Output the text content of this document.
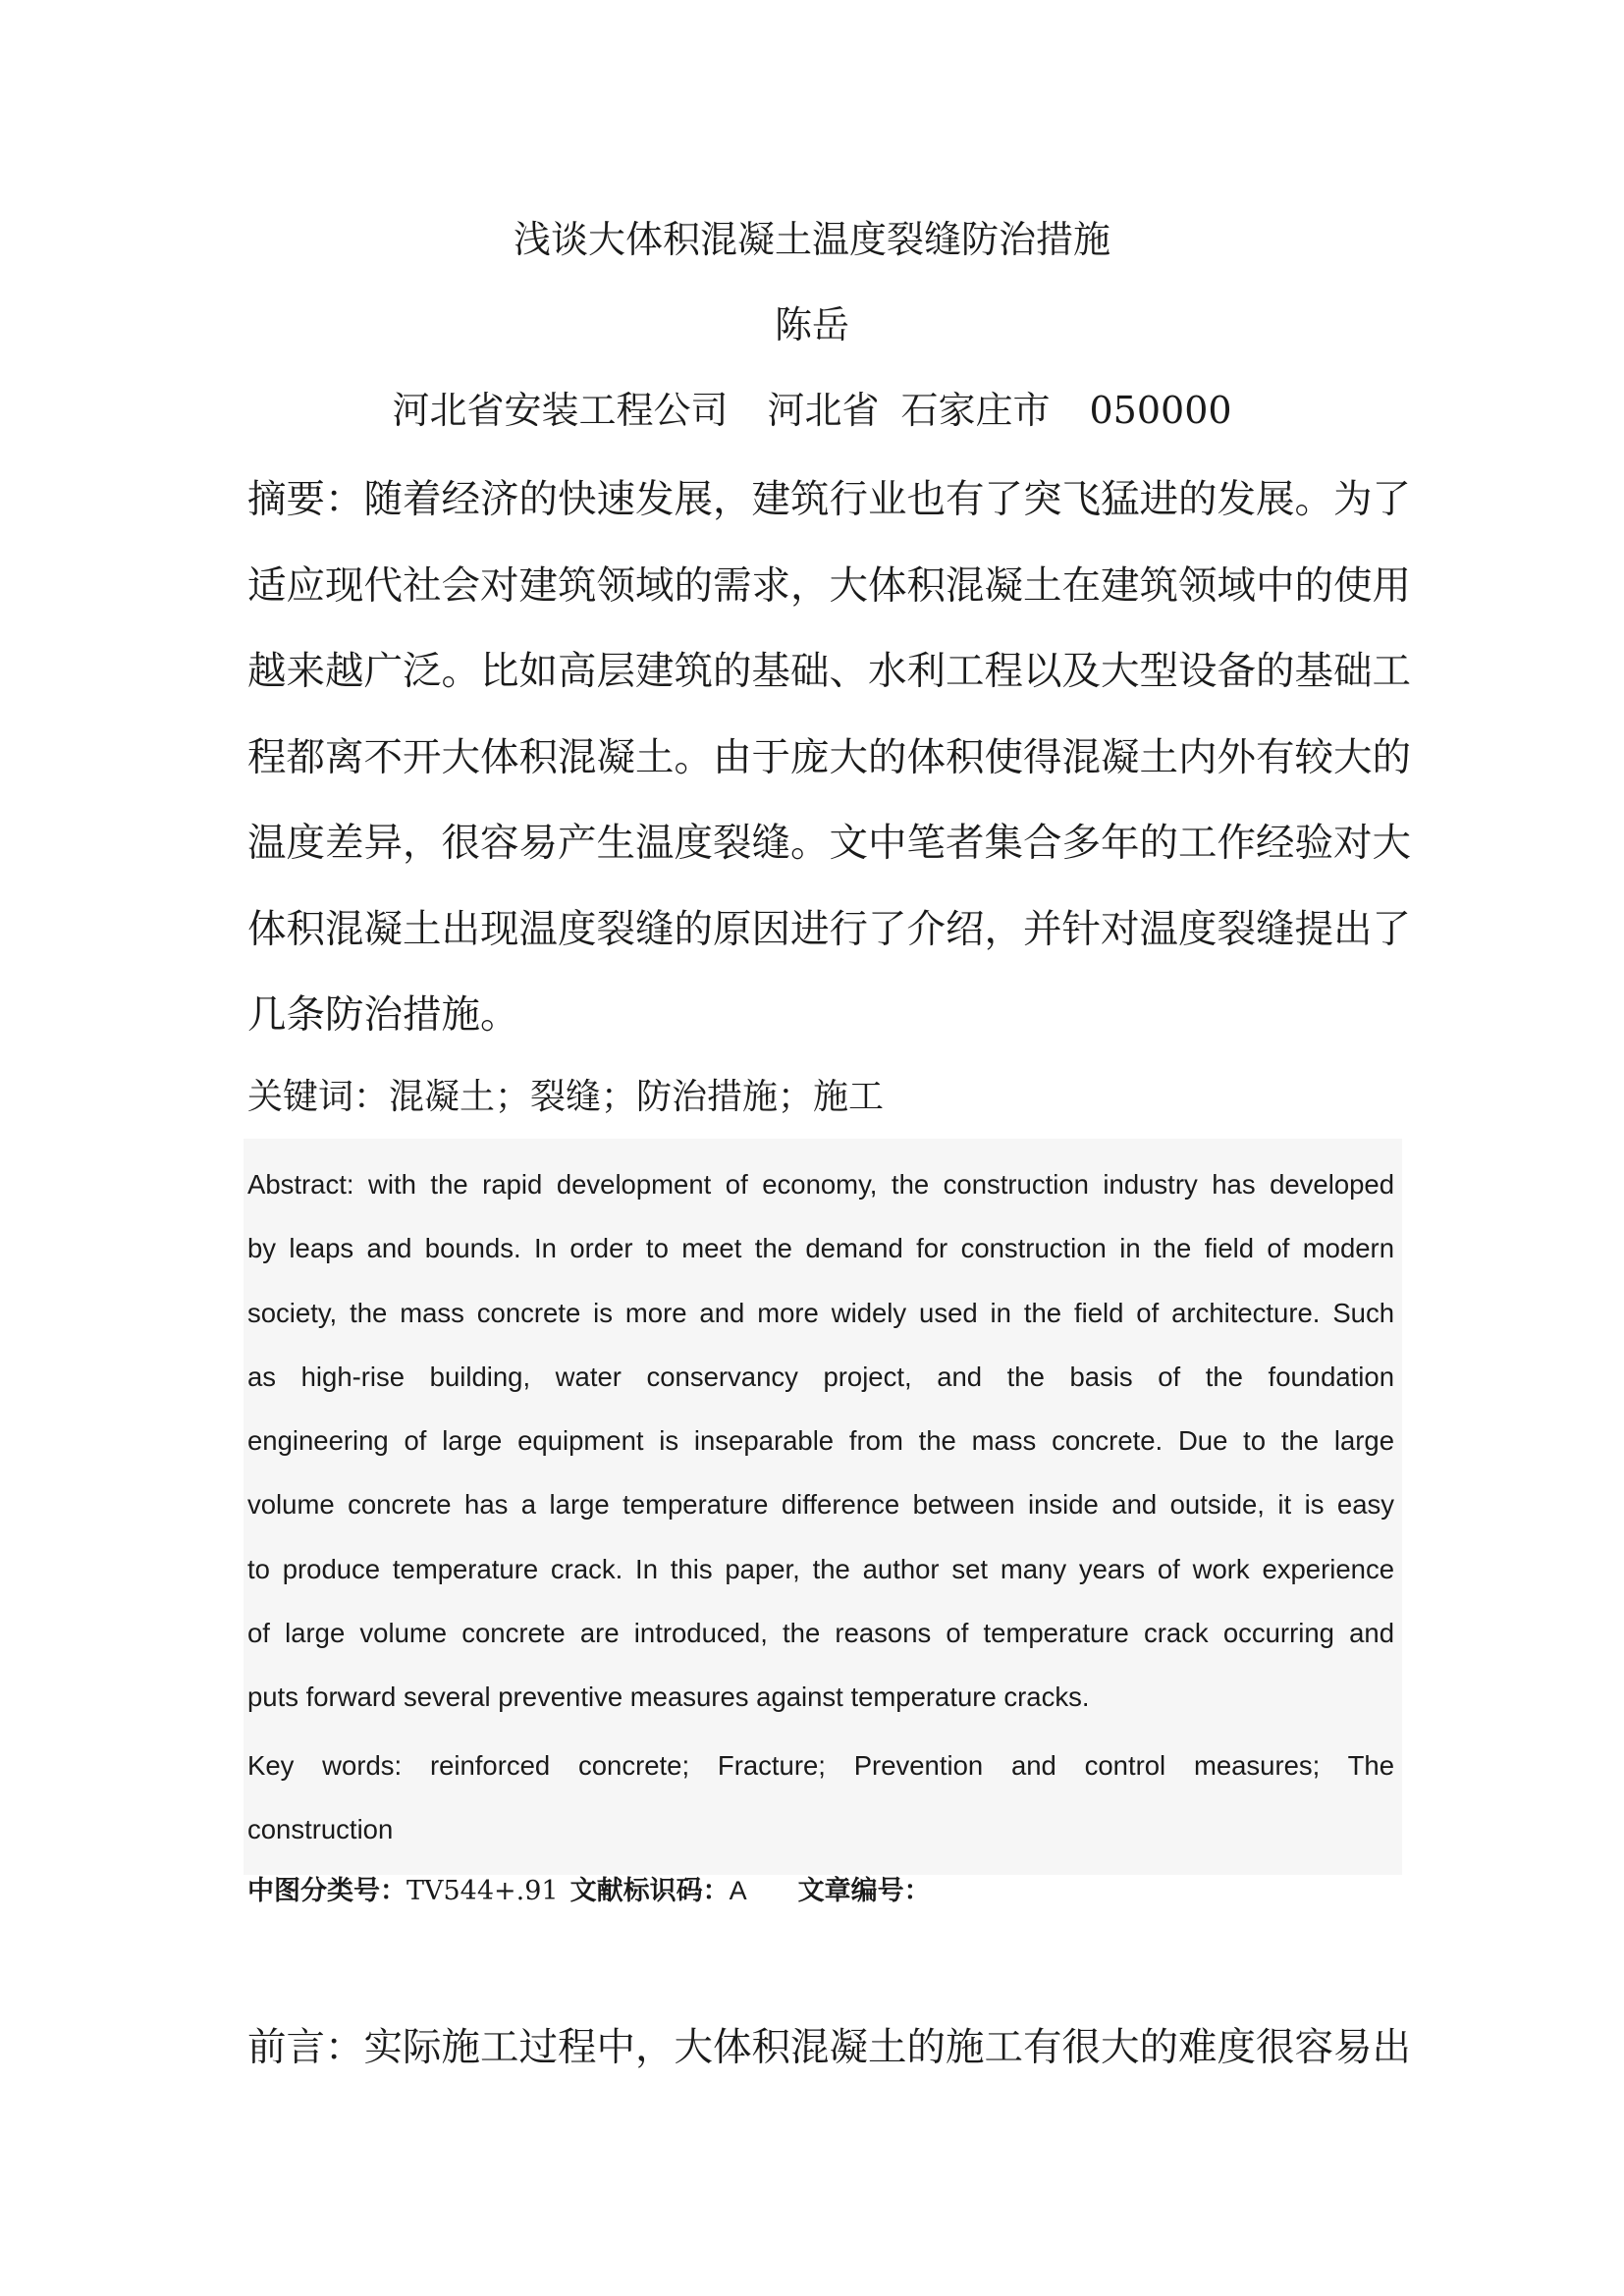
浅谈大体积混凝土温度裂缝防治措施
陈岳
河北省安装工程公司 河北省 石家庄市 050000
摘要：随着经济的快速发展，建筑行业也有了突飞猛进的发展。为了
适应现代社会对建筑领域的需求，大体积混凝土在建筑领域中的使用
越来越广泛。比如高层建筑的基础、水利工程以及大型设备的基础工
程都离不开大体积混凝土。由于庞大的体积使得混凝土内外有较大的
温度差异，很容易产生温度裂缝。文中笔者集合多年的工作经验对大
体积混凝土出现温度裂缝的原因进行了介绍，并针对温度裂缝提出了
几条防治措施。
关键词：混凝土；裂缝；防治措施；施工
Abstract: with the rapid development of economy, the construction industry has developed
by leaps and bounds. In order to meet the demand for construction in the field of modern
society, the mass concrete is more and more widely used in the field of architecture. Such
as high-rise building, water conservancy project, and the basis of the foundation
engineering of large equipment is inseparable from the mass concrete. Due to the large
volume concrete has a large temperature difference between inside and outside, it is easy
to produce temperature crack. In this paper, the author set many years of work experience
of large volume concrete are introduced, the reasons of temperature crack occurring and
puts forward several preventive measures against temperature cracks.
Key words: reinforced concrete; Fracture; Prevention and control measures; The
construction
中图分类号：TV544+.91 文献标识码：A 文章编号：
前言：实际施工过程中，大体积混凝土的施工有很大的难度很容易出
